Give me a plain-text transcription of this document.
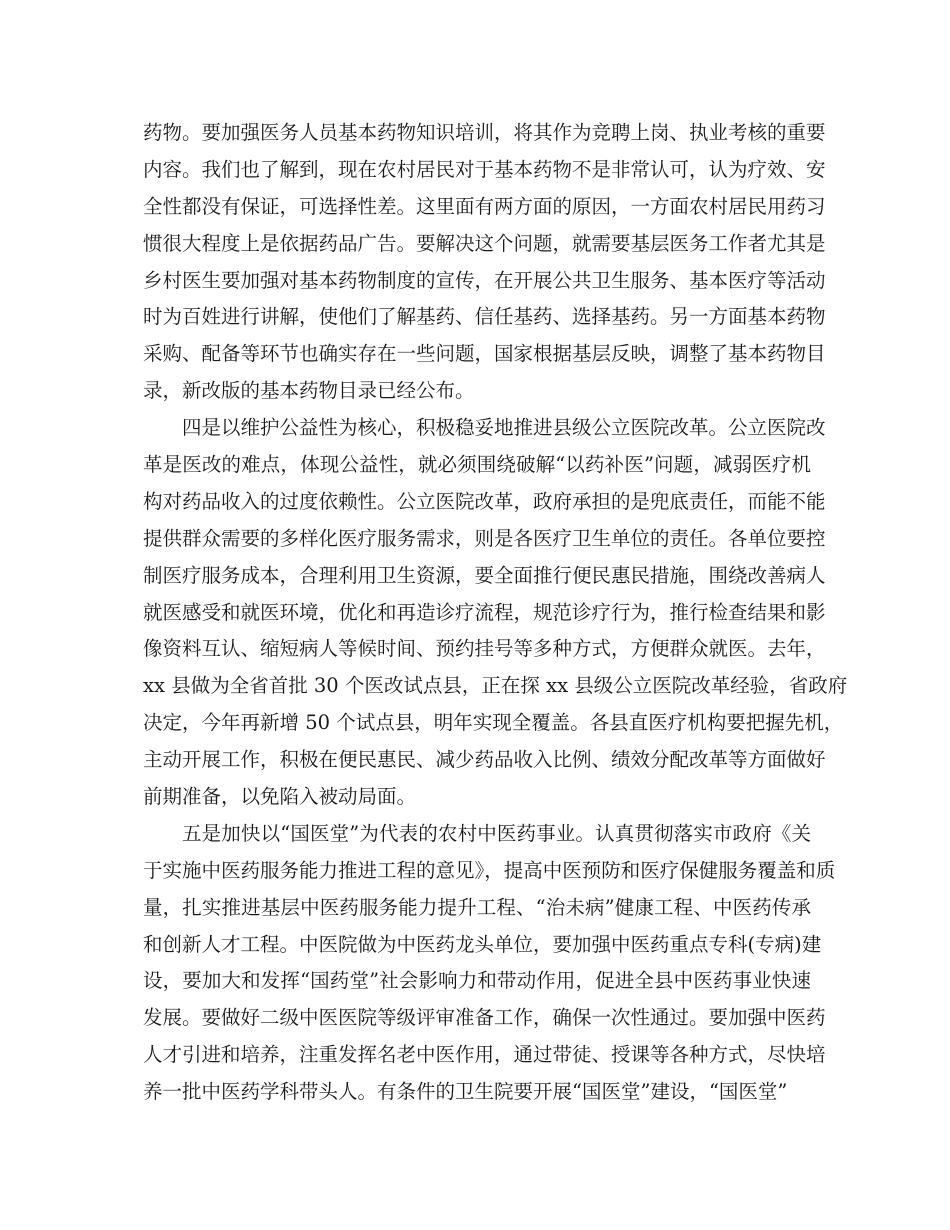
药物。要加强医务人员基本药物知识培训，将其作为竞聘上岗、执业考核的重要
内容。我们也了解到，现在农村居民对于基本药物不是非常认可，认为疗效、安
全性都没有保证，可选择性差。这里面有两方面的原因，一方面农村居民用药习
惯很大程度上是依据药品广告。要解决这个问题，就需要基层医务工作者尤其是
乡村医生要加强对基本药物制度的宣传，在开展公共卫生服务、基本医疗等活动
时为百姓进行讲解，使他们了解基药、信任基药、选择基药。另一方面基本药物
采购、配备等环节也确实存在一些问题，国家根据基层反映，调整了基本药物目
录，新改版的基本药物目录已经公布。
四是以维护公益性为核心，积极稳妥地推进县级公立医院改革。公立医院改
革是医改的难点，体现公益性，就必须围绕破解“以药补医”问题，减弱医疗机
构对药品收入的过度依赖性。公立医院改革，政府承担的是兜底责任，而能不能
提供群众需要的多样化医疗服务需求，则是各医疗卫生单位的责任。各单位要控
制医疗服务成本，合理利用卫生资源，要全面推行便民惠民措施，围绕改善病人
就医感受和就医环境，优化和再造诊疗流程，规范诊疗行为，推行检查结果和影
像资料互认、缩短病人等候时间、预约挂号等多种方式，方便群众就医。去年，
xx 县做为全省首批 30 个医改试点县，正在探 xx 县级公立医院改革经验，省政府
决定，今年再新增 50 个试点县，明年实现全覆盖。各县直医疗机构要把握先机，
主动开展工作，积极在便民惠民、减少药品收入比例、绩效分配改革等方面做好
前期准备，以免陷入被动局面。
五是加快以“国医堂”为代表的农村中医药事业。认真贯彻落实市政府《关
于实施中医药服务能力推进工程的意见》，提高中医预防和医疗保健服务覆盖和质
量，扎实推进基层中医药服务能力提升工程、“治未病”健康工程、中医药传承
和创新人才工程。中医院做为中医药龙头单位，要加强中医药重点专科(专病)建
设，要加大和发挥“国药堂”社会影响力和带动作用，促进全县中医药事业快速
发展。要做好二级中医医院等级评审准备工作，确保一次性通过。要加强中医药
人才引进和培养，注重发挥名老中医作用，通过带徒、授课等各种方式，尽快培
养一批中医药学科带头人。有条件的卫生院要开展“国医堂”建设，“国医堂”
